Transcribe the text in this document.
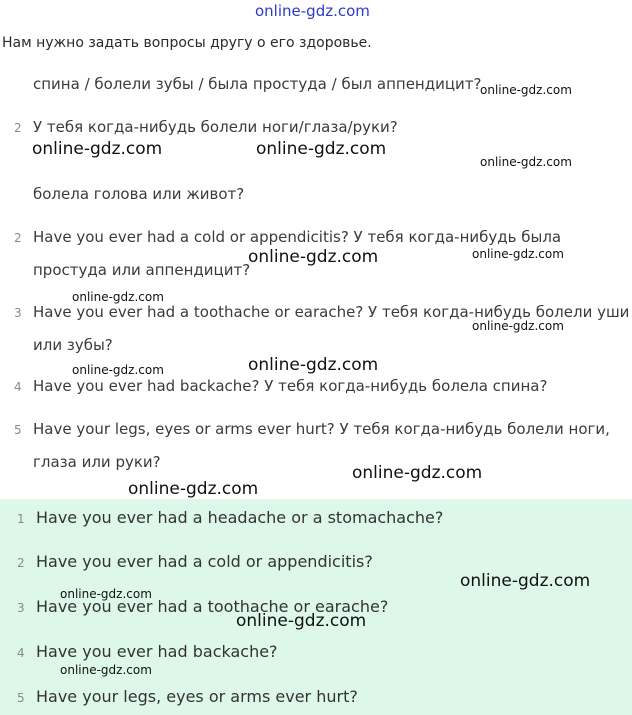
online-gdz.com
Нам нужно задать вопросы другу о его здоровье.
спина / болели зубы / была простуда / был аппендицит?
2 У тебя когда-нибудь болели ноги/глаза/руки?
болела голова или живот?
2 Have you ever had a cold or appendicitis? У тебя когда-нибудь была
простуда или аппендицит?
3 Have you ever had a toothache or earache? У тебя когда-нибудь болели уши
или зубы?
4 Have you ever had backache? У тебя когда-нибудь болела спина?
5 Have your legs, eyes or arms ever hurt? У тебя когда-нибудь болели ноги,
глаза или руки?
1 Have you ever had a headache or a stomachache?
2 Have you ever had a cold or appendicitis?
3 Have you ever had a toothache or earache?
4 Have you ever had backache?
5 Have your legs, eyes or arms ever hurt?
online-gdz.com
online-gdz.com	online-gdz.com
online-gdz.com
online-gdz.com	online-gdz.com
online-gdz.com
online-gdz.com
online-gdz.com
online-gdz.com
online-gdz.com
online-gdz.com
online-gdz.com
online-gdz.com
online-gdz.com
online-gdz.com
